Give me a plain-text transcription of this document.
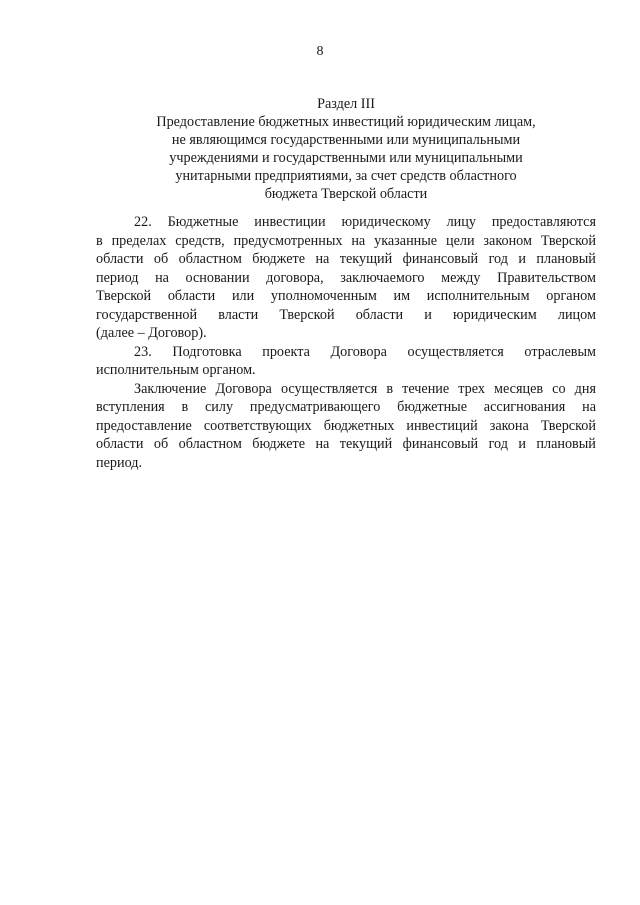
8
Раздел III
Предоставление бюджетных инвестиций юридическим лицам,
не являющимся государственными или муниципальными
учреждениями и государственными или муниципальными
унитарными предприятиями, за счет средств областного
бюджета Тверской области
22. Бюджетные инвестиции юридическому лицу предоставляются
в пределах средств, предусмотренных на указанные цели законом Тверской
области об областном бюджете на текущий финансовый год и плановый
период на основании договора, заключаемого между Правительством
Тверской области или уполномоченным им исполнительным органом
государственной власти Тверской области и юридическим лицом
(далее – Договор).
23. Подготовка проекта Договора осуществляется отраслевым
исполнительным органом.
Заключение Договора осуществляется в течение трех месяцев со дня
вступления в силу предусматривающего бюджетные ассигнования на
предоставление соответствующих бюджетных инвестиций закона Тверской
области об областном бюджете на текущий финансовый год и плановый
период.
